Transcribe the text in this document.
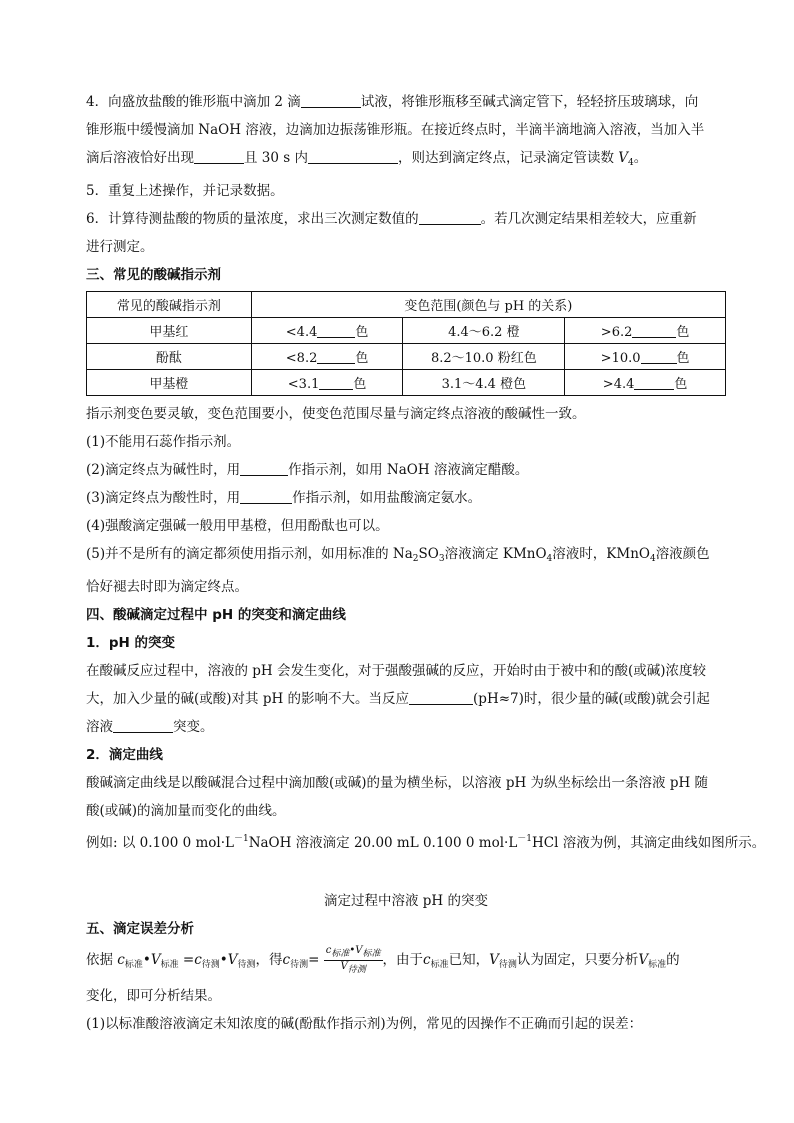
4．向盛放盐酸的锥形瓶中滴加 2 滴	试液，将锥形瓶移至碱式滴定管下，轻轻挤压玻璃球，向
锥形瓶中缓慢滴加 NaOH 溶液，边滴加边振荡锥形瓶。在接近终点时，半滴半滴地滴入溶液，当加入半
滴后溶液恰好出现	且 30 s 内	，则达到滴定终点，记录滴定管读数 $V_4$。

5．重复上述操作，并记录数据。

6．计算待测盐酸的物质的量浓度，求出三次测定数值的	。若几次测定结果相差较大，应重新
进行测定。

三、常见的酸碱指示剂

常见的酸碱指示剂	变色范围(颜色与 pH 的关系)		
甲基红	<4.4 色	4.4～6.2 橙	>6.2 色
酚酞	<8.2 色	8.2～10.0 粉红色	>10.0 色
甲基橙	<3.1 色	3.1～4.4 橙色	>4.4 色

指示剂变色要灵敏，变色范围要小，使变色范围尽量与滴定终点溶液的酸碱性一致。
(1)不能用石蕊作指示剂。
(2)滴定终点为碱性时，用	作指示剂，如用 NaOH 溶液滴定醋酸。
(3)滴定终点为酸性时，用	作指示剂，如用盐酸滴定氨水。
(4)强酸滴定强碱一般用甲基橙，但用酚酞也可以。
(5)并不是所有的滴定都须使用指示剂，如用标准的 $Na_2SO_3$溶液滴定 KMnO$_4$溶液时，KMnO$_4$溶液颜色
恰好褪去时即为滴定终点。

四、酸碱滴定过程中 pH 的突变和滴定曲线

1．pH 的突变

在酸碱反应过程中，溶液的 pH 会发生变化，对于强酸强碱的反应，开始时由于被中和的酸(或碱)浓度较
大，加入少量的碱(或酸)对其 pH 的影响不大。当反应	(pH≈7)时，很少量的碱(或酸)就会引起
溶液	突变。

2．滴定曲线

酸碱滴定曲线是以酸碱混合过程中滴加酸(或碱)的量为横坐标，以溶液 pH 为纵坐标绘出一条溶液 pH 随
酸(或碱)的滴加量而变化的曲线。
例如: 以 0.100 0 $mol\cdot L^{-1}NaOH$ 溶液滴定 20.00 mL 0.100 0 $mol\cdot L^{-1}HCl$ 溶液为例，其滴定曲线如图所示。

滴定过程中溶液 pH 的突变

五、滴定误差分析

依据 $c_{标准}•V_{标准}$ $=c_{待测}•V_{待测}$，得$c_{待测}= \frac{c_{标准}•V_{标准}}{V_{待测}}$ ，由于$c_{标准}$已知，$V_{待测}$认为固定，只要分析$V_{标准}$的
变化，即可分析结果。
(1)以标准酸溶液滴定未知浓度的碱(酚酞作指示剂)为例，常见的因操作不正确而引起的误差：
